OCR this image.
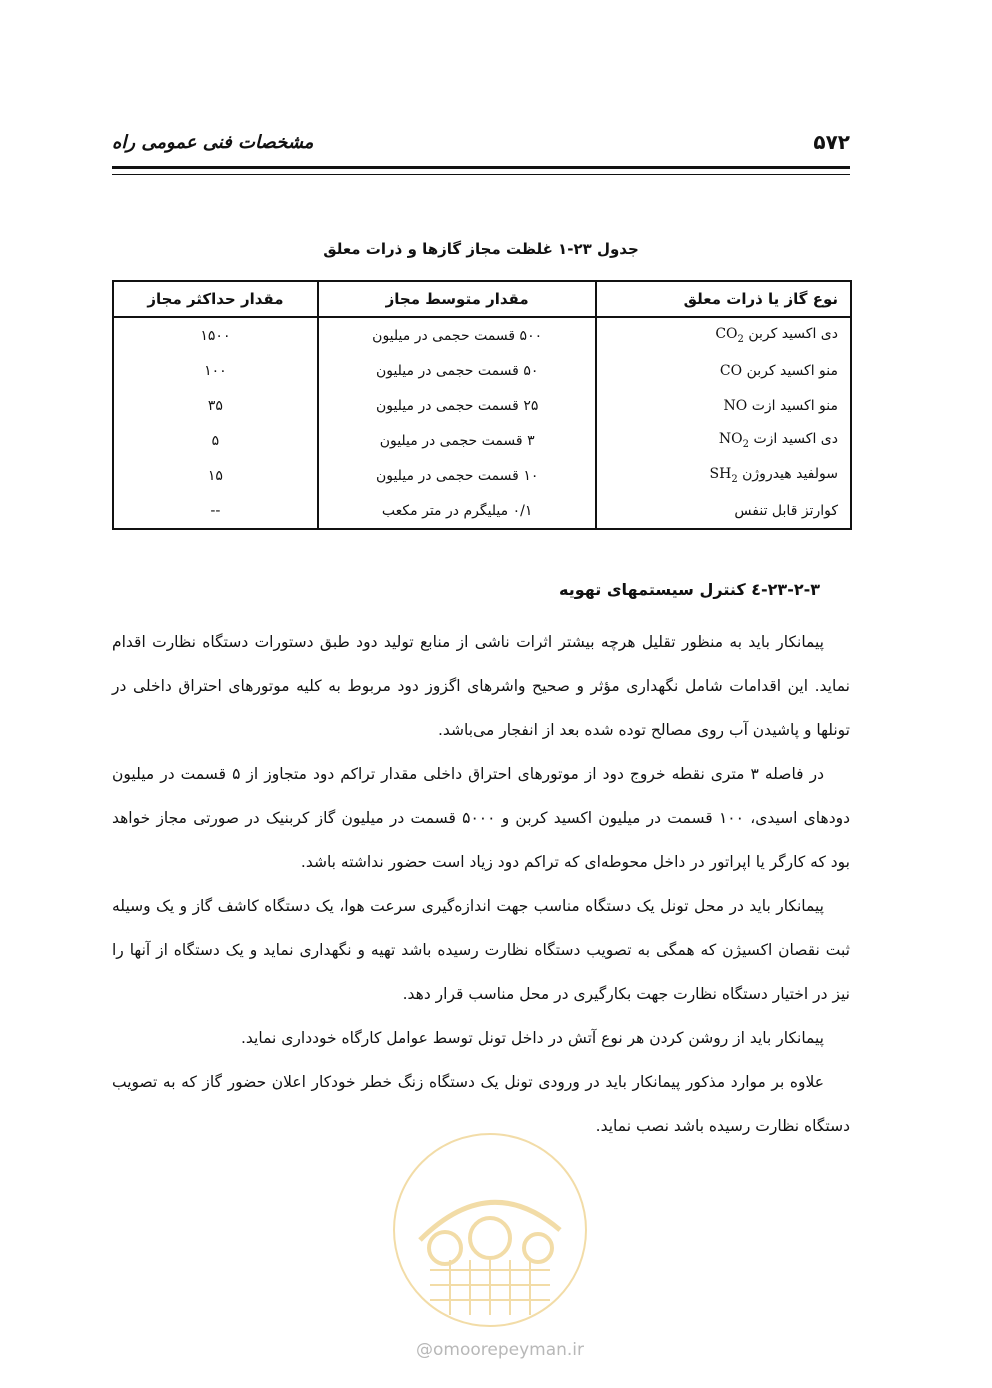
۵۷۲
مشخصات فنی عمومی راه
جدول ۲۳-۱ غلظت مجاز گازها و ذرات معلق
نوع گاز یا ذرات معلق	مقدار متوسط مجاز	مقدار حداکثر مجاز
دی اکسید کربن $CO_2$	۵۰۰ قسمت حجمی در میلیون	۱۵۰۰
منو اکسید کربن CO	۵۰ قسمت حجمی در میلیون	۱۰۰
منو اکسید ازت NO	۲۵ قسمت حجمی در میلیون	۳۵
دی اکسید ازت $NO_2$	۳ قسمت حجمی در میلیون	۵
سولفید هیدروژن $SH_2$	۱۰ قسمت حجمی در میلیون	۱۵
کوارتز قابل تنفس	۰/۱ میلیگرم در متر مکعب	--
۲۳-۲-۳-٤ کنترل سیستمهای تهویه

پیمانکار باید به منظور تقلیل هرچه بیشتر اثرات ناشی از منابع تولید دود طبق دستورات دستگاه نظارت اقدام نماید. این اقدامات شامل نگهداری مؤثر و صحیح واشرهای اگزوز دود مربوط به کلیه موتورهای احتراق داخلی در تونلها و پاشیدن آب روی مصالح توده شده بعد از انفجار می‌باشد.

در فاصله ۳ متری نقطه خروج دود از موتورهای احتراق داخلی مقدار تراکم دود متجاوز از ۵ قسمت در میلیون دودهای اسیدی، ۱۰۰ قسمت در میلیون اکسید کربن و ۵۰۰۰ قسمت در میلیون گاز کربنیک در صورتی مجاز خواهد بود که کارگر یا اپراتور در داخل محوطه‌ای که تراکم دود زیاد است حضور نداشته باشد.

پیمانکار باید در محل تونل یک دستگاه مناسب جهت اندازه‌گیری سرعت هوا، یک دستگاه کاشف گاز و یک وسیله ثبت نقصان اکسیژن که همگی به تصویب دستگاه نظارت رسیده باشد تهیه و نگهداری نماید و یک دستگاه از آنها را نیز در اختیار دستگاه نظارت جهت بکارگیری در محل مناسب قرار دهد.

پیمانکار باید از روشن کردن هر نوع آتش در داخل تونل توسط عوامل کارگاه خودداری نماید.

علاوه بر موارد مذکور پیمانکار باید در ورودی تونل یک دستگاه زنگ خطر خودکار اعلان حضور گاز که به تصویب دستگاه نظارت رسیده باشد نصب نماید.

@omoorepeyman.ir
